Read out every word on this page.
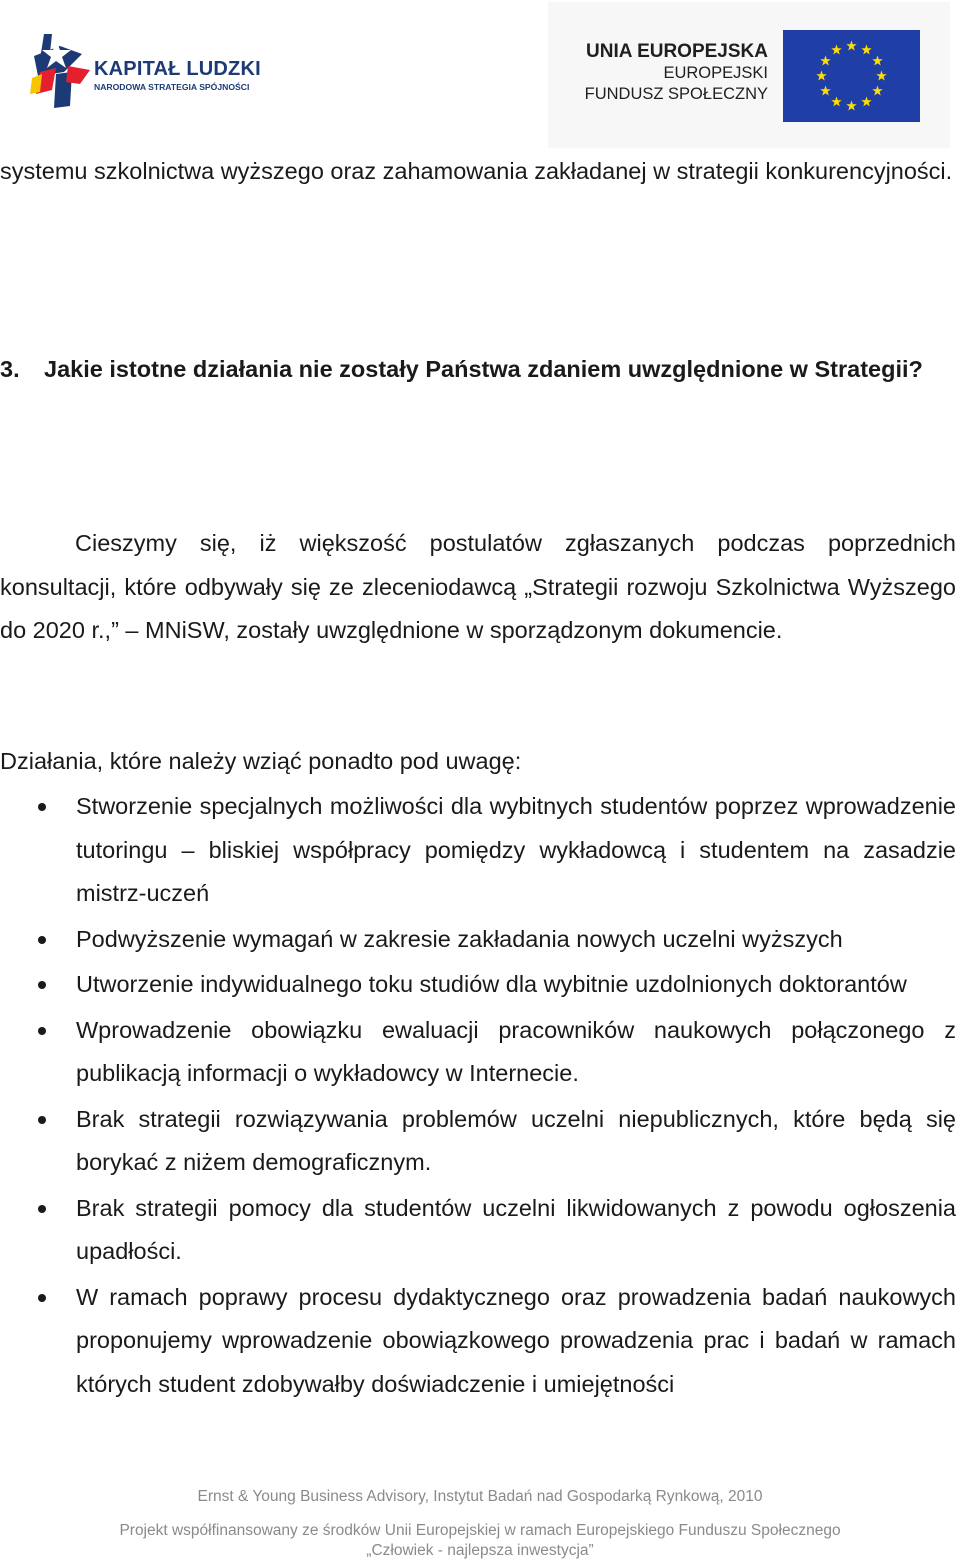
KAPITAŁ LUDZKI
NARODOWA STRATEGIA SPÓJNOŚCI
UNIA EUROPEJSKA
EUROPEJSKI
FUNDUSZ SPOŁECZNY

systemu szkolnictwa wyższego oraz zahamowania zakładanej w strategii konkurencyjności.

3. Jakie istotne działania nie zostały Państwa zdaniem uwzględnione w Strategii?

Cieszymy się, iż większość postulatów zgłaszanych podczas poprzednich konsultacji, które odbywały się ze zleceniodawcą „Strategii rozwoju Szkolnictwa Wyższego do 2020 r.,” – MNiSW, zostały uwzględnione w sporządzonym dokumencie.

Działania, które należy wziąć ponadto pod uwagę:

Stworzenie specjalnych możliwości dla wybitnych studentów poprzez wprowadzenie tutoringu – bliskiej współpracy pomiędzy wykładowcą i studentem na zasadzie mistrz-uczeń
Podwyższenie wymagań w zakresie zakładania nowych uczelni wyższych
Utworzenie indywidualnego toku studiów dla wybitnie uzdolnionych doktorantów
Wprowadzenie obowiązku ewaluacji pracowników naukowych połączonego z publikacją informacji o wykładowcy w Internecie.
Brak strategii rozwiązywania problemów uczelni niepublicznych, które będą się borykać z niżem demograficznym.
Brak strategii pomocy dla studentów uczelni likwidowanych z powodu ogłoszenia upadłości.
W ramach poprawy procesu dydaktycznego oraz prowadzenia badań naukowych proponujemy wprowadzenie obowiązkowego prowadzenia prac i badań w ramach których student zdobywałby doświadczenie i umiejętności
Ernst & Young Business Advisory, Instytut Badań nad Gospodarką Rynkową, 2010
Projekt współfinansowany ze środków Unii Europejskiej w ramach Europejskiego Funduszu Społecznego
„Człowiek - najlepsza inwestycja”
